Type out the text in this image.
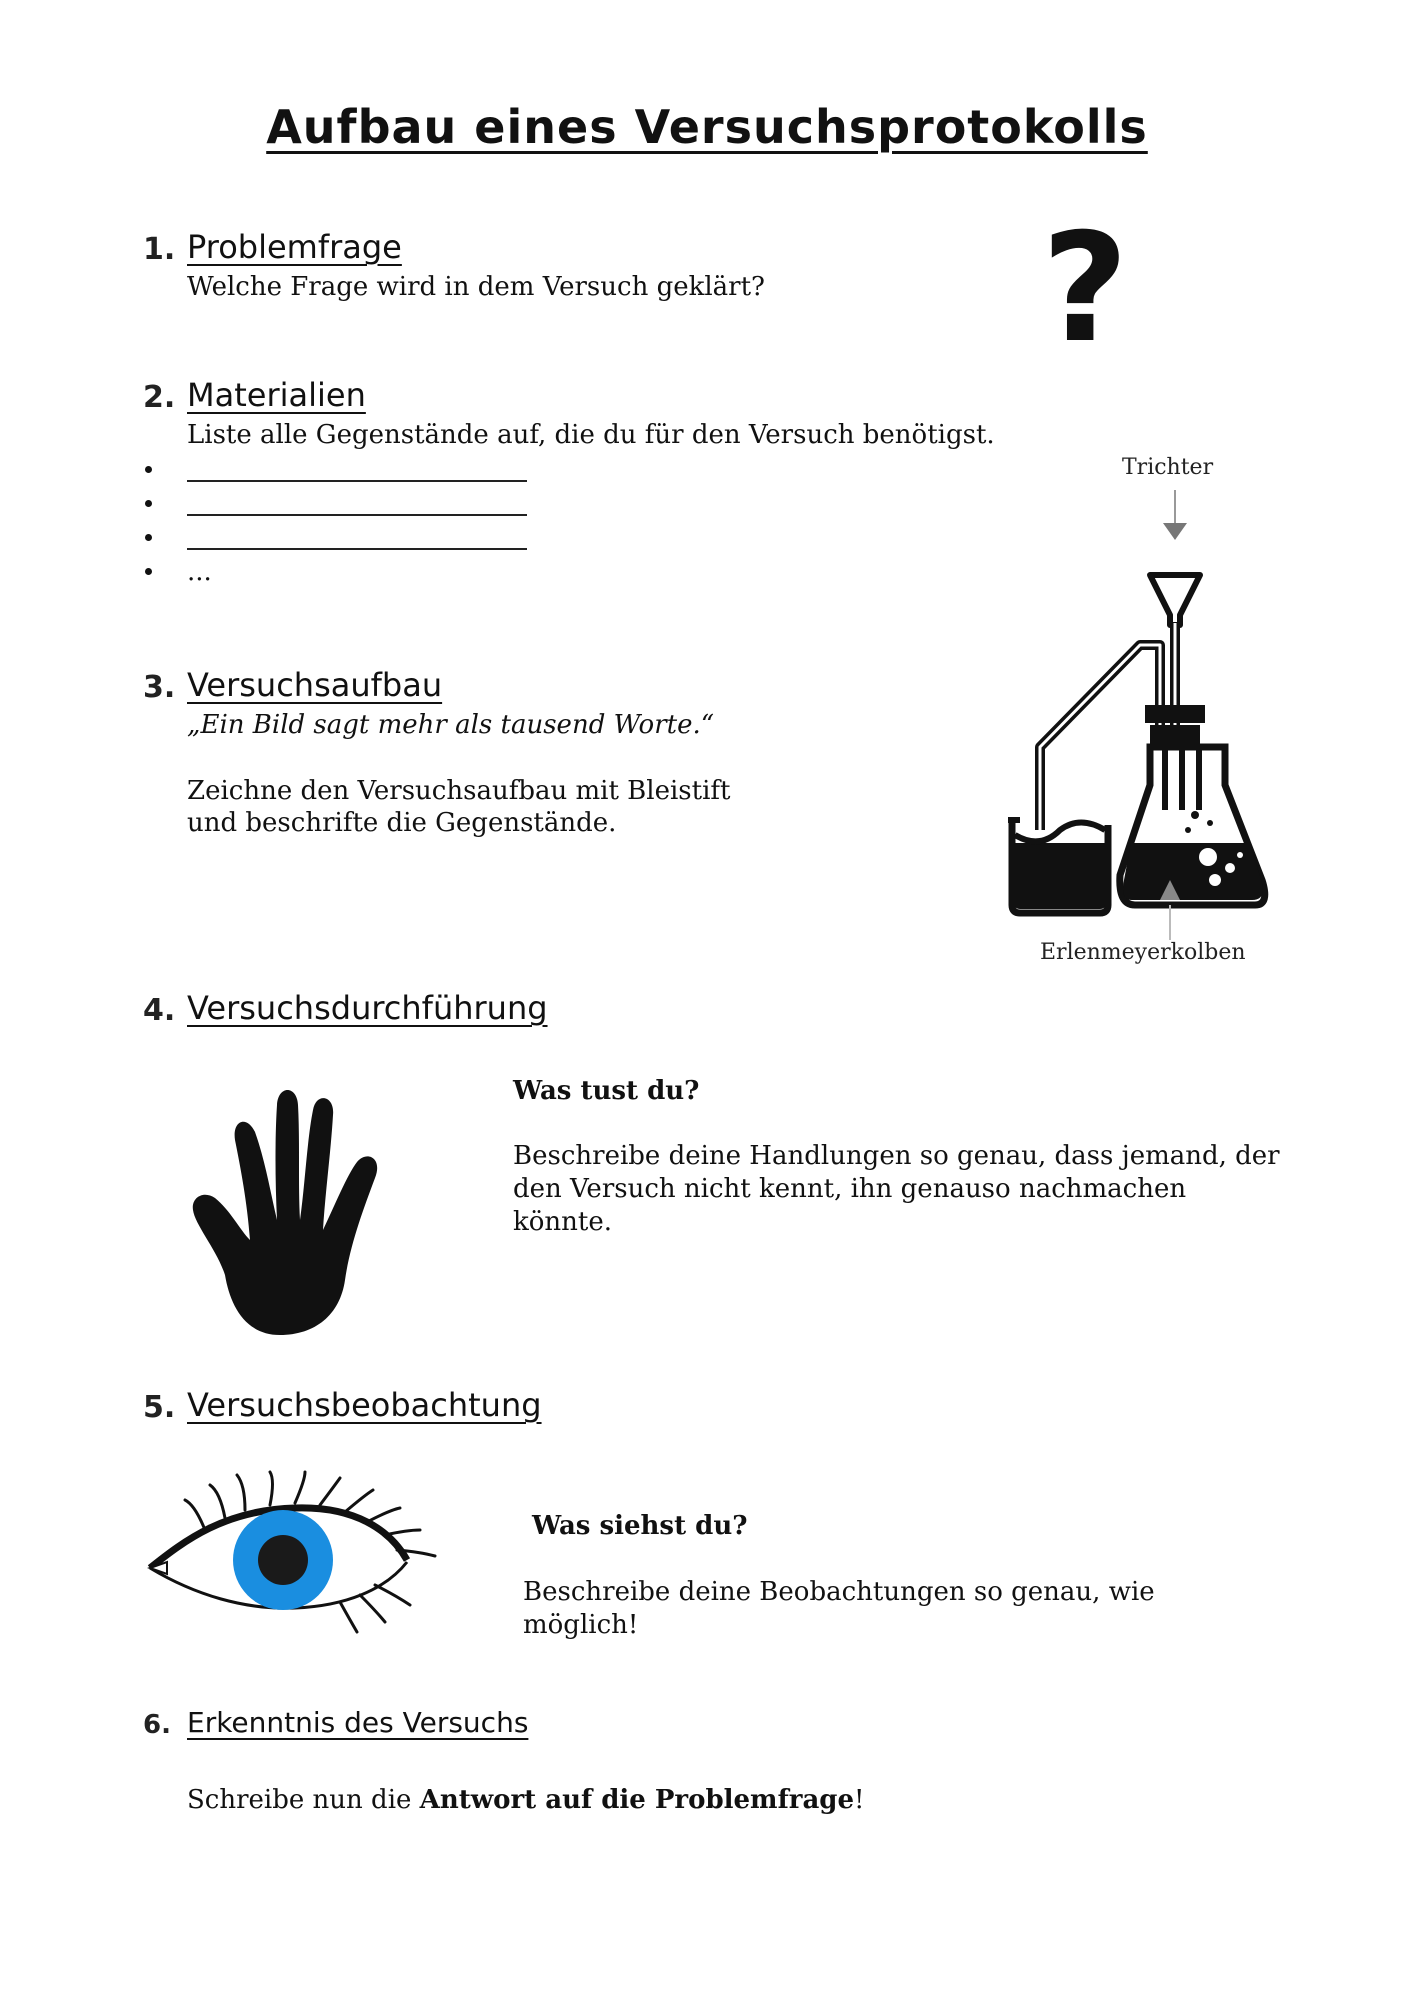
Aufbau eines Versuchsprotokolls
1. Problemfrage
Welche Frage wird in dem Versuch geklärt? ?
2. Materialien
Liste alle Gegenstände auf, die du für den Versuch benötigst.
...
3. Versuchsaufbau
„Ein Bild sagt mehr als tausend Worte.“
Zeichne den Versuchsaufbau mit Bleistift
und beschrifte die Gegenstände.
Trichter
Erlenmeyerkolben
4. Versuchsdurchführung
Was tust du?
Beschreibe deine Handlungen so genau, dass jemand, der
den Versuch nicht kennt, ihn genauso nachmachen
könnte.
5. Versuchsbeobachtung
Was siehst du?
Beschreibe deine Beobachtungen so genau, wie
möglich!
6. Erkenntnis des Versuchs
Schreibe nun die Antwort auf die Problemfrage!
